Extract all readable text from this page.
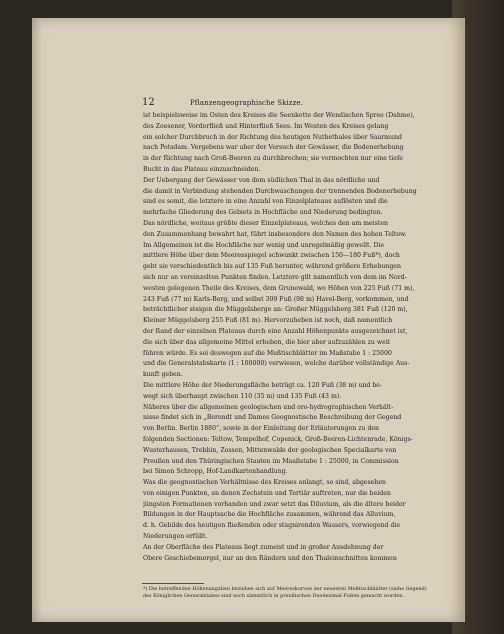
12	Pflanzengeographische Skizze.
ist beispielsweise im Osten des Kreises die Seenkette der Wendischen Spree (Dahme),
des Zeesener, Vorderfließ und Hinterfließ Sees. Im Westen des Kreises gelang
ein solcher Durchbruch in der Richtung des heutigen Nuthethales über Saarmund
nach Potsdam. Vergebens war aber der Versuch der Gewässer, die Bodenerhebung
in der Richtung nach Groß-Beeren zu durchbrechen; sie vermochten nur eine tiefe
Bucht in das Plateau einzuschneiden.
Der Uebergang der Gewässer von dem südlichen Thal in das nördliche und
die damit in Verbindung stehenden Durchwaschungen der trennenden Bodenerhebung
sind es somit, die letztere in eine Anzahl von Einzelplateaus auflösten und die
mehrfache Gliederung des Gebiets in Hochfläche und Niederung bedingten.
Das nördliche, weitaus größte dieser Einzelplateaus, welches den am meisten
den Zusammenhang bewahrt hat, führt insbesondere den Namen des hohen Teltow.
Im Allgemeinen ist die Hochfläche nur wenig und unregelmäßig gewellt. Die
mittlere Höhe über dem Meeresspiegel schwankt zwischen 150—180 Fuß*), doch
geht sie verschiedentlich bis auf 135 Fuß herunter, während größere Erhebungen
sich nur an vereinzelten Punkten finden. Letztere gilt namentlich von dem im Nord-
westen gelegenen Theile des Kreises, dem Grunewald, wo Höhen von 225 Fuß (71 m),
243 Fuß (77 m) Karls-Berg, und selbst 309 Fuß (98 m) Havel-Berg, vorkommen, und
beträchtlicher steigen die Müggelsberge an: Großer Müggelsberg 381 Fuß (120 m),
Kleiner Müggelsberg 255 Fuß (81 m). Hervorzuheben ist noch, daß namentlich
der Rand der einzelnen Plateaus durch eine Anzahl Höhenpunkte ausgezeichnet ist,
die sich über das allgemeine Mittel erheben, die hier aber aufzuzählen zu weit
führen würde. Es sei deswegen auf die Meßtischblätter im Maßstabe 1 : 25000
und die Generalstabskarte (1 : 100000) verwiesen, welche darüber vollständige Aus-
kunft geben.
Die mittlere Höhe der Niederungsfläche beträgt ca. 120 Fuß (38 m) und be-
wegt sich überhaupt zwischen 110 (35 m) und 135 Fuß (43 m).
Näheres über die allgemeinen geologischen und oro-hydrographischen Verhält-
nisse findet sich in „Berendt und Dames Geognostische Beschreibung der Gegend
von Berlin. Berlin 1880“, sowie in der Einleitung der Erläuterungen zu den
folgenden Sectionen: Teltow, Tempelhof, Copenick, Groß-Beeren-Lichtenrade, Königs-
Wusterhausen, Trebbin, Zossen, Mittenwalde der geologischen Specialkarte von
Preußen und den Thüringischen Staaten im Maaßstabe 1 : 25000, in Commission
bei Simon Schropp, Hof-Landkartenhandlung.
Was die geognostischen Verhältnisse des Kreises anlangt, so sind, abgesehen
von einigen Punkten, an denen Zechstein und Tertiär auftreten, nur die beiden
jüngsten Formationen vorhanden und zwar setzt das Diluvium, als die ältere beider
Bildungen in der Hauptsache die Hochfläche zusammen, während das Alluvium,
d. h. Gebilde des heutigen fließenden oder stagnirenden Wassers, vorwiegend die
Niederungen erfüllt.
An der Oberfläche des Plateaus liegt zumeist und in großer Ausdehnung der
Obere Geschiebemergel, nur an den Rändern und den Thaleinschnitten kommen
*) Die betreffenden Höhenangaben beziehen sich auf Meereskurven der neuesten Meßtischblätter (siehe Gegend)
des Königlichen Generalstabes sind noch sämmtlich in preußischen Duodezimal-Fußen gemacht worden.
